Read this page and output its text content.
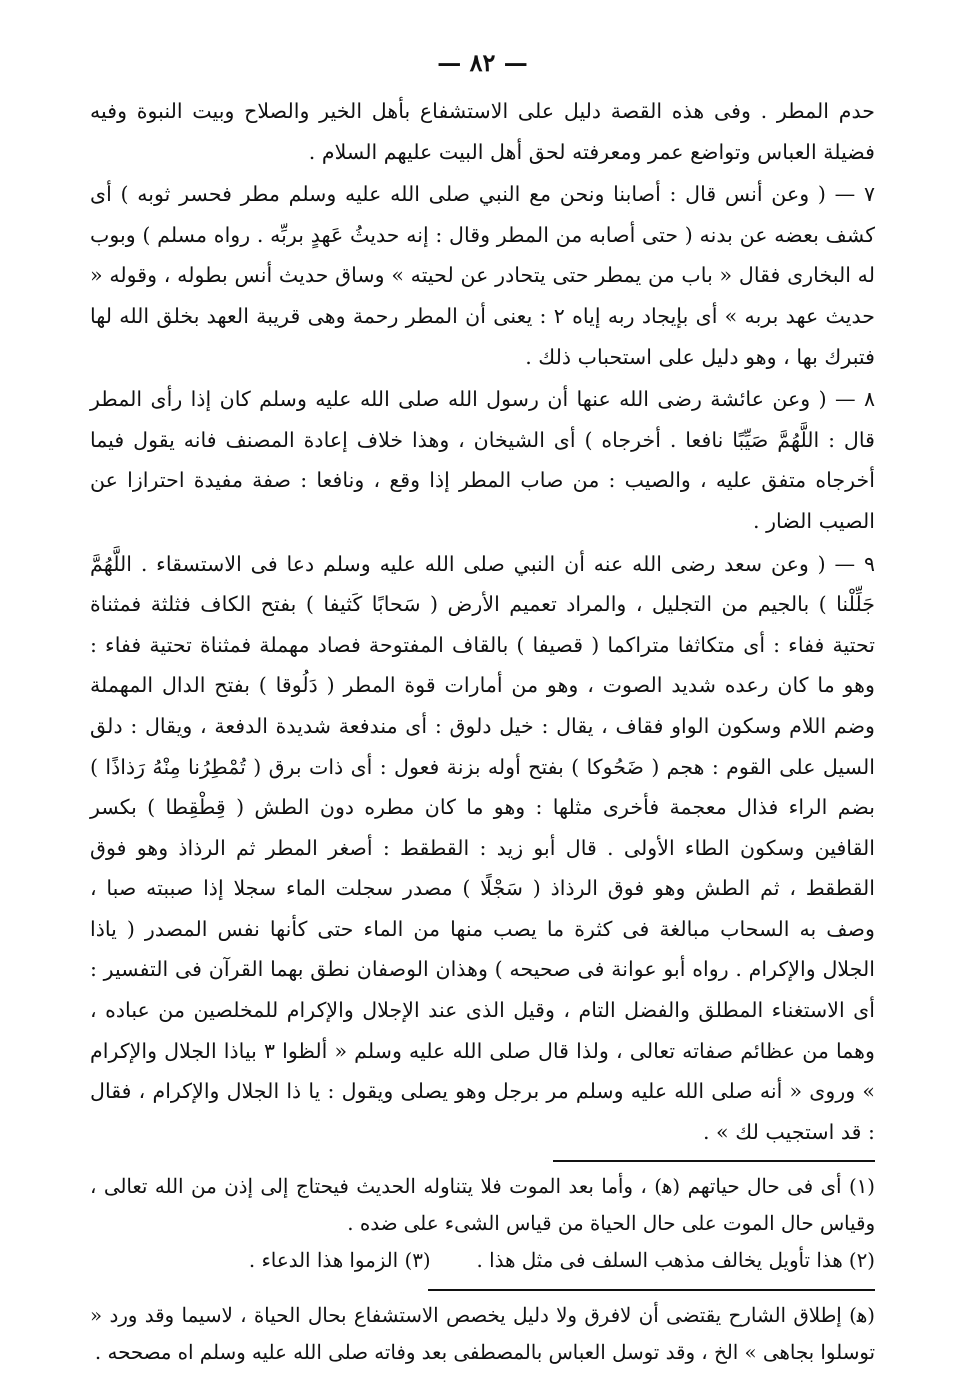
— ٨٢ —

حدم المطر . وفى هذه القصة دليل على الاستشفاع بأهل الخير والصلاح وبيت النبوة وفيه فضيلة العباس وتواضع عمر ومعرفته لحق أهل البيت عليهم السلام .

٧ — ( وعن أنس قال : أصابنا ونحن مع النبي صلى الله عليه وسلم مطر فحسر ثوبه ) أى كشف بعضه عن بدنه ( حتى أصابه من المطر وقال : إنه حديثُ عَهدٍ بربِّه . رواه مسلم ) وبوب له البخارى فقال « باب من يمطر حتى يتحادر عن لحيته » وساق حديث أنس بطوله ، وقوله « حديث عهد بربه » أى بإيجاد ربه إياه ٢ : يعنى أن المطر رحمة وهى قريبة العهد بخلق الله لها فتبرك بها ، وهو دليل على استحباب ذلك .

٨ — ( وعن عائشة رضى الله عنها أن رسول الله صلى الله عليه وسلم كان إذا رأى المطر قال : اللَّهُمَّ صَيِّبًا نافعا . أخرجاه ) أى الشيخان ، وهذا خلاف إعادة المصنف فانه يقول فيما أخرجاه متفق عليه ، والصيب : من صاب المطر إذا وقع ، ونافعا : صفة مفيدة احترازا عن الصيب الضار .

٩ — ( وعن سعد رضى الله عنه أن النبي صلى الله عليه وسلم دعا فى الاستسقاء . اللَّهُمَّ جَلِّلْنا ) بالجيم من التجليل ، والمراد تعميم الأرض ( سَحابًا كَثيفا ) بفتح الكاف فثلثة فمثناة تحتية ففاء : أى متكاثفا متراكما ( قصيفا ) بالقاف المفتوحة فصاد مهملة فمثناة تحتية ففاء : وهو ما كان رعده شديد الصوت ، وهو من أمارات قوة المطر ( دَلُوقا ) بفتح الدال المهملة وضم اللام وسكون الواو فقاف ، يقال : خيل دلوق : أى مندفعة شديدة الدفعة ، ويقال : دلق السيل على القوم : هجم ( ضَحُوكا ) بفتح أوله بزنة فعول : أى ذات برق ( تُمْطِرُنا مِنْهُ رَذاذًا ) بضم الراء فذال معجمة فأخرى مثلها : وهو ما كان مطره دون الطش ( قِطْقِطا ) بكسر القافين وسكون الطاء الأولى . قال أبو زيد : القطقط : أصغر المطر ثم الرذاذ وهو فوق القطقط ، ثم الطش وهو فوق الرذاذ ( سَجْلًا ) مصدر سجلت الماء سجلا إذا صببته صبا ، وصف به السحاب مبالغة فى كثرة ما يصب منها من الماء حتى كأنها نفس المصدر ( ياذا الجلال والإكرام . رواه أبو عوانة فى صحيحه ) وهذان الوصفان نطق بهما القرآن فى التفسير : أى الاستغناء المطلق والفضل التام ، وقيل الذى عند الإجلال والإكرام للمخلصين من عباده ، وهما من عظائم صفاته تعالى ، ولذا قال صلى الله عليه وسلم « ألظوا ٣ بياذا الجلال والإكرام » وروى « أنه صلى الله عليه وسلم مر برجل وهو يصلى ويقول : يا ذا الجلال والإكرام ، فقال : قد استجيب لك » .

(١) أى فى حال حياتهم (ﻫ) ، وأما بعد الموت فلا يتناوله الحديث فيحتاج إلى إذن من الله تعالى ، وقياس حال الموت على حال الحياة من قياس الشىء على ضده .

(٢) هذا تأويل يخالف مذهب السلف فى مثل هذا .
(٣) الزموا هذا الدعاء .

(ﻫ) إطلاق الشارح يقتضى أن لافرق ولا دليل يخصص الاستشفاع بحال الحياة ، لاسيما وقد ورد « توسلوا بجاهى » الخ ، وقد توسل العباس بالمصطفى بعد وفاته صلى الله عليه وسلم اه مصححه .
